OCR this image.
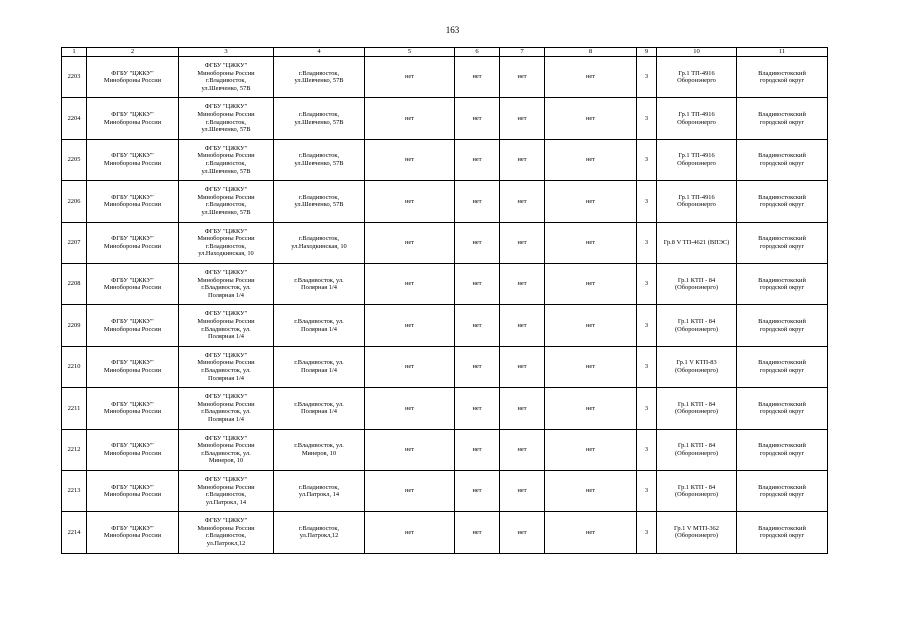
163
1	2	3	4	5	6	7	8	9	10	11
2203	ФГБУ "ЦЖКУ"
Минобороны России	ФГБУ "ЦЖКУ"
Минобороны России
г.Владивосток,
ул.Шевченко, 57В	г.Владивосток,
ул.Шевченко, 57В	нет	нет	нет	нет	3	Гр.1 ТП-4916
Оборонэнерго	Владивостокский
городской округ

2204	ФГБУ "ЦЖКУ"
Минобороны России	ФГБУ "ЦЖКУ"
Минобороны России
г.Владивосток,
ул.Шевченко, 57В	г.Владивосток,
ул.Шевченко, 57В	нет	нет	нет	нет	3	Гр.1 ТП-4916
Оборонэнерго	Владивостокский
городской округ

2205	ФГБУ "ЦЖКУ"
Минобороны России	ФГБУ "ЦЖКУ"
Минобороны России
г.Владивосток,
ул.Шевченко, 57В	г.Владивосток,
ул.Шевченко, 57В	нет	нет	нет	нет	3	Гр.1 ТП-4916
Оборонэнерго	Владивостокский
городской округ

2206	ФГБУ "ЦЖКУ"
Минобороны России	ФГБУ "ЦЖКУ"
Минобороны России
г.Владивосток,
ул.Шевченко, 57В	г.Владивосток,
ул.Шевченко, 57В	нет	нет	нет	нет	3	Гр.1 ТП-4916
Оборонэнерго	Владивостокский
городской округ

2207	ФГБУ "ЦЖКУ"
Минобороны России	ФГБУ "ЦЖКУ"
Минобороны России
г.Владивосток,
ул.Находкинская, 10	г.Владивосток,
ул.Находкинская, 10	нет	нет	нет	нет	3	Гр.8 V ТП-4621 (ВПЭС)	Владивостокский
городской округ

2208	ФГБУ "ЦЖКУ"
Минобороны России	ФГБУ "ЦЖКУ"
Минобороны России
г.Владивосток, ул.
Полярная 1/4	г.Владивосток, ул.
Полярная 1/4	нет	нет	нет	нет	3	Гр.1 КТП - 84
(Оборонэнерго)	Владивостокский
городской округ

2209	ФГБУ "ЦЖКУ"
Минобороны России	ФГБУ "ЦЖКУ"
Минобороны России
г.Владивосток, ул.
Полярная 1/4	г.Владивосток, ул.
Полярная 1/4	нет	нет	нет	нет	3	Гр.1 КТП - 84
(Оборонэнерго)	Владивостокский
городской округ

2210	ФГБУ "ЦЖКУ"
Минобороны России	ФГБУ "ЦЖКУ"
Минобороны России
г.Владивосток, ул.
Полярная 1/4	г.Владивосток, ул.
Полярная 1/4	нет	нет	нет	нет	3	Гр.1 V КТП-83
(Оборонэнерго)	Владивостокский
городской округ

2211	ФГБУ "ЦЖКУ"
Минобороны России	ФГБУ "ЦЖКУ"
Минобороны России
г.Владивосток, ул.
Полярная 1/4	г.Владивосток, ул.
Полярная 1/4	нет	нет	нет	нет	3	Гр.1 КТП - 84
(Оборонэнерго)	Владивостокский
городской округ

2212	ФГБУ "ЦЖКУ"
Минобороны России	ФГБУ "ЦЖКУ"
Минобороны России
г.Владивосток, ул.
Минеров, 10	г.Владивосток, ул.
Минеров, 10	нет	нет	нет	нет	3	Гр.1 КТП - 84
(Оборонэнерго)	Владивостокский
городской округ

2213	ФГБУ "ЦЖКУ"
Минобороны России	ФГБУ "ЦЖКУ"
Минобороны России
г.Владивосток,
ул.Патрокл, 14	г.Владивосток,
ул.Патрокл, 14	нет	нет	нет	нет	3	Гр.1 КТП - 84
(Оборонэнерго)	Владивостокский
городской округ

2214	ФГБУ "ЦЖКУ"
Минобороны России	ФГБУ "ЦЖКУ"
Минобороны России
г.Владивосток,
ул.Патрокл,12	г.Владивосток,
ул.Патрокл,12	нет	нет	нет	нет	3	Гр.1 V МТП-362
(Оборонэнерго)	Владивостокский
городской округ
